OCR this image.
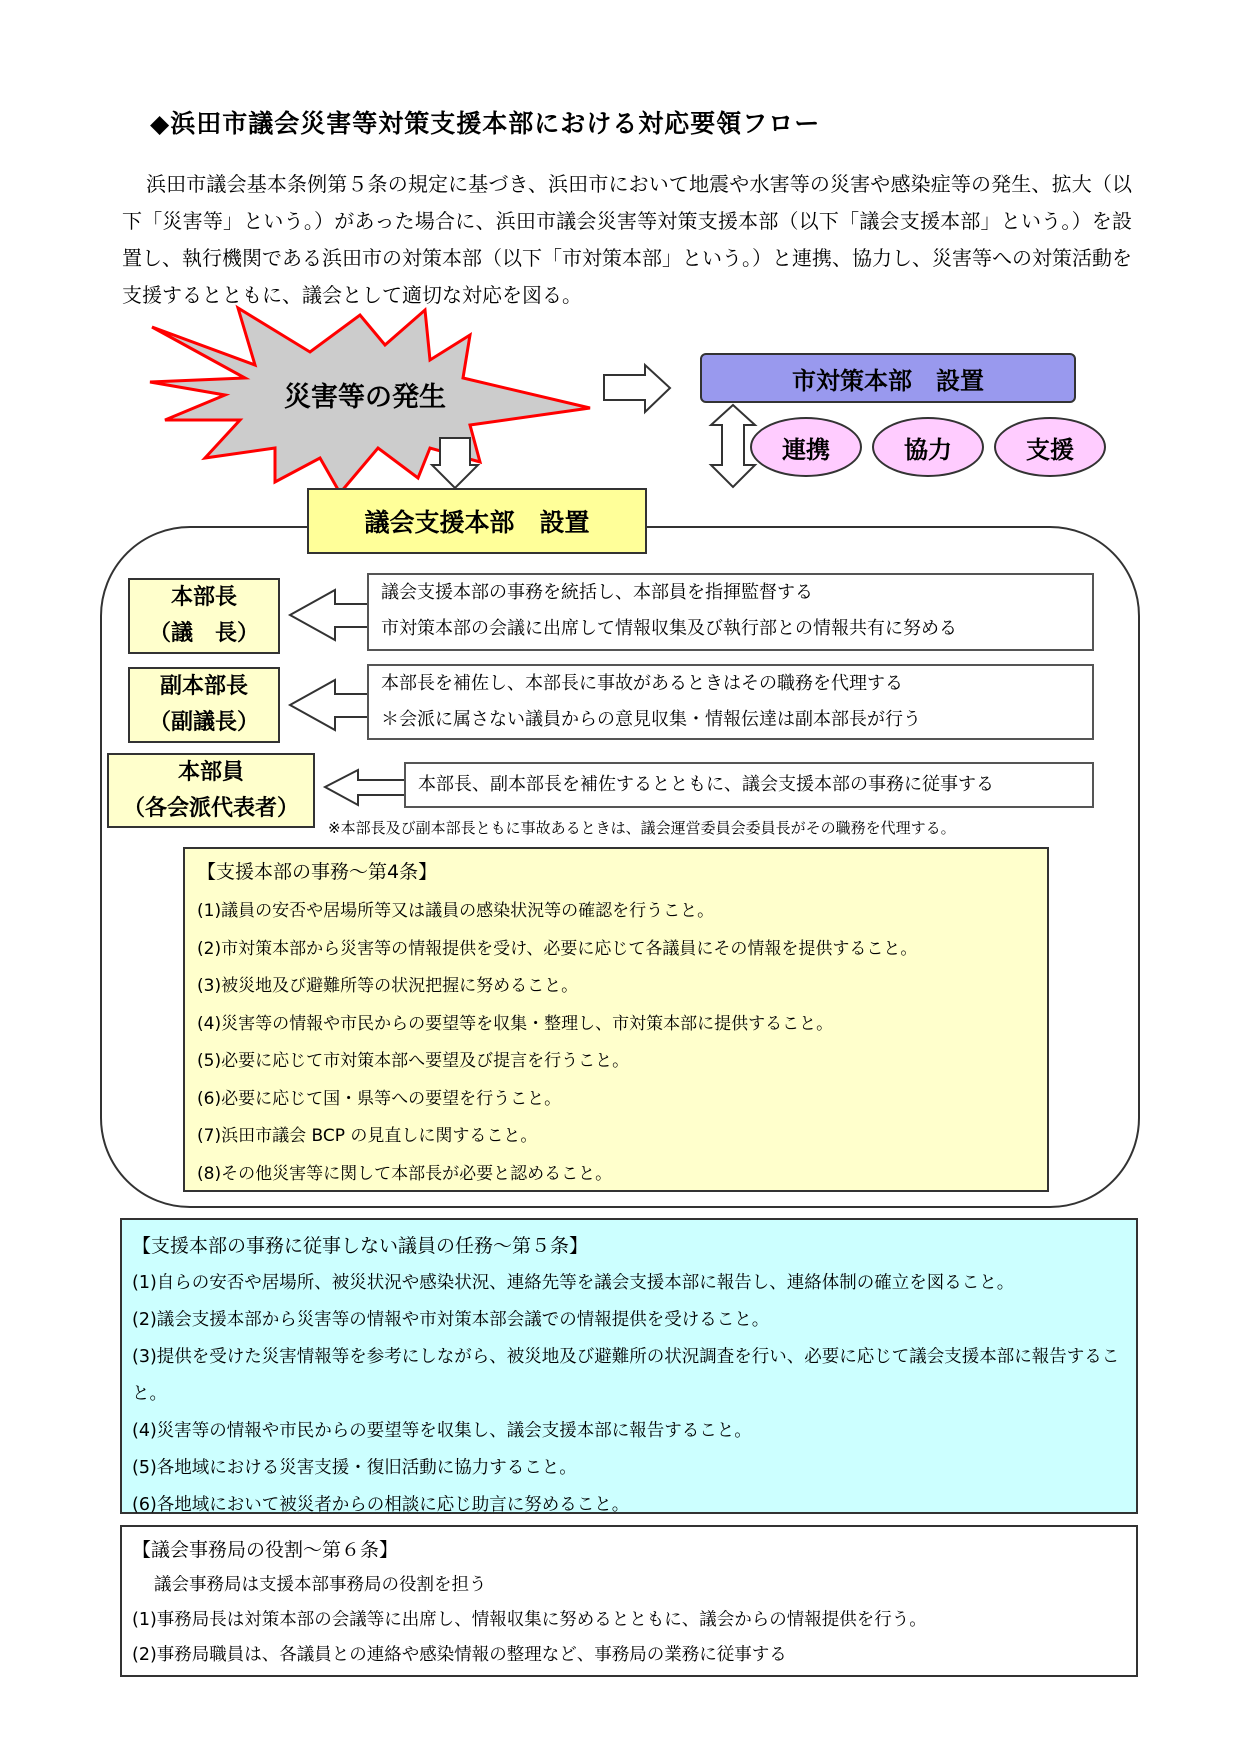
◆浜田市議会災害等対策支援本部における対応要領フロー
浜田市議会基本条例第５条の規定に基づき、浜田市において地震や水害等の災害や感染症等の発生、拡大（以下「災害等」という。）があった場合に、浜田市議会災害等対策支援本部（以下「議会支援本部」という。）を設置し、執行機関である浜田市の対策本部（以下「市対策本部」という。）と連携、協力し、災害等への対策活動を支援するとともに、議会として適切な対応を図る。
災害等の発生
市対策本部　設置
連携	協力	支援
議会支援本部　設置
本部長
（議　長）
議会支援本部の事務を統括し、本部員を指揮監督する
市対策本部の会議に出席して情報収集及び執行部との情報共有に努める
副本部長
（副議長）
本部長を補佐し、本部長に事故があるときはその職務を代理する
＊会派に属さない議員からの意見収集・情報伝達は副本部長が行う
本部員
（各会派代表者）
本部長、副本部長を補佐するとともに、議会支援本部の事務に従事する
※本部長及び副本部長ともに事故あるときは、議会運営委員会委員長がその職務を代理する。
【支援本部の事務～第4条】
(1)議員の安否や居場所等又は議員の感染状況等の確認を行うこと。
(2)市対策本部から災害等の情報提供を受け、必要に応じて各議員にその情報を提供すること。
(3)被災地及び避難所等の状況把握に努めること。
(4)災害等の情報や市民からの要望等を収集・整理し、市対策本部に提供すること。
(5)必要に応じて市対策本部へ要望及び提言を行うこと。
(6)必要に応じて国・県等への要望を行うこと。
(7)浜田市議会 BCP の見直しに関すること。
(8)その他災害等に関して本部長が必要と認めること。
【支援本部の事務に従事しない議員の任務～第５条】
(1)自らの安否や居場所、被災状況や感染状況、連絡先等を議会支援本部に報告し、連絡体制の確立を図ること。
(2)議会支援本部から災害等の情報や市対策本部会議での情報提供を受けること。
(3)提供を受けた災害情報等を参考にしながら、被災地及び避難所の状況調査を行い、必要に応じて議会支援本部に報告すること。
(4)災害等の情報や市民からの要望等を収集し、議会支援本部に報告すること。
(5)各地域における災害支援・復旧活動に協力すること。
(6)各地域において被災者からの相談に応じ助言に努めること。
【議会事務局の役割～第６条】
議会事務局は支援本部事務局の役割を担う
(1)事務局長は対策本部の会議等に出席し、情報収集に努めるとともに、議会からの情報提供を行う。
(2)事務局職員は、各議員との連絡や感染情報の整理など、事務局の業務に従事する
